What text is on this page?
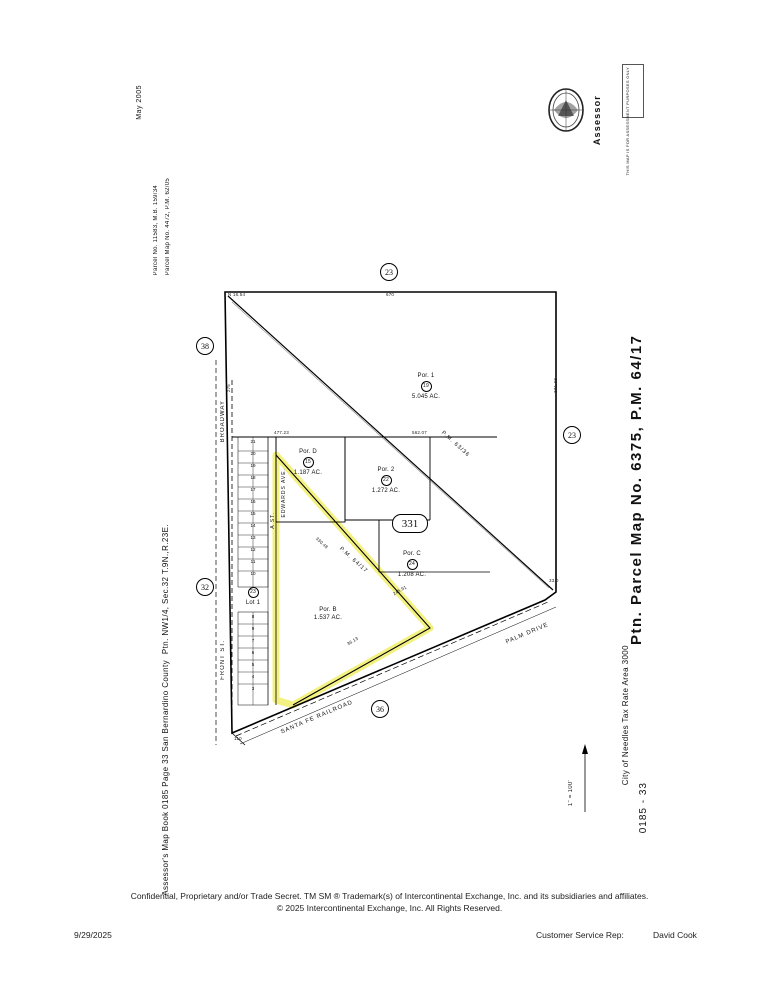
23
38
23
32
36
331
Por. 1
19
5.045 AC.
Por. D
15
1.187 AC.	Por. 2
22
1.272 AC.
Por. C
24
1.208 AC.
Por. B
1.537 AC.
23
Lot 1
21
20
19
18
17
16
15
14
13
12
11
10
8
9
7
6
5
4
3
BROADWAY
FRONT ST.
EDWARDS AVE.
A ST.
P.M. 63/36
P.M. 64/17
PALM DRIVE
SANTA FE RAILROAD
N 16.54	670
331.63
477.23	562.07
330.48
245.91
36.13
33.0
275
110
Ptn. Parcel Map No. 6375, P.M. 64/17
Assessor	THIS MAP IS FOR ASSESSMENT PURPOSES ONLY
May 2005
Parcel No. 11583, M.B. 159/34 Parcel Map No. 4472, P.M. 62/05
Ptn. NW1/4, Sec.32 T.9N.,R.23E.
Assessor's Map Book 0185 Page 33 San Bernardino County	City of Needles Tax Rate Area 3000
0185 - 33
1" = 100'
Confidential, Proprietary and/or Trade Secret. TM SM ® Trademark(s) of Intercontinental Exchange, Inc. and its subsidiaries and affiliates.
© 2025 Intercontinental Exchange, Inc. All Rights Reserved.
9/29/2025	Customer Service Rep:	David Cook
